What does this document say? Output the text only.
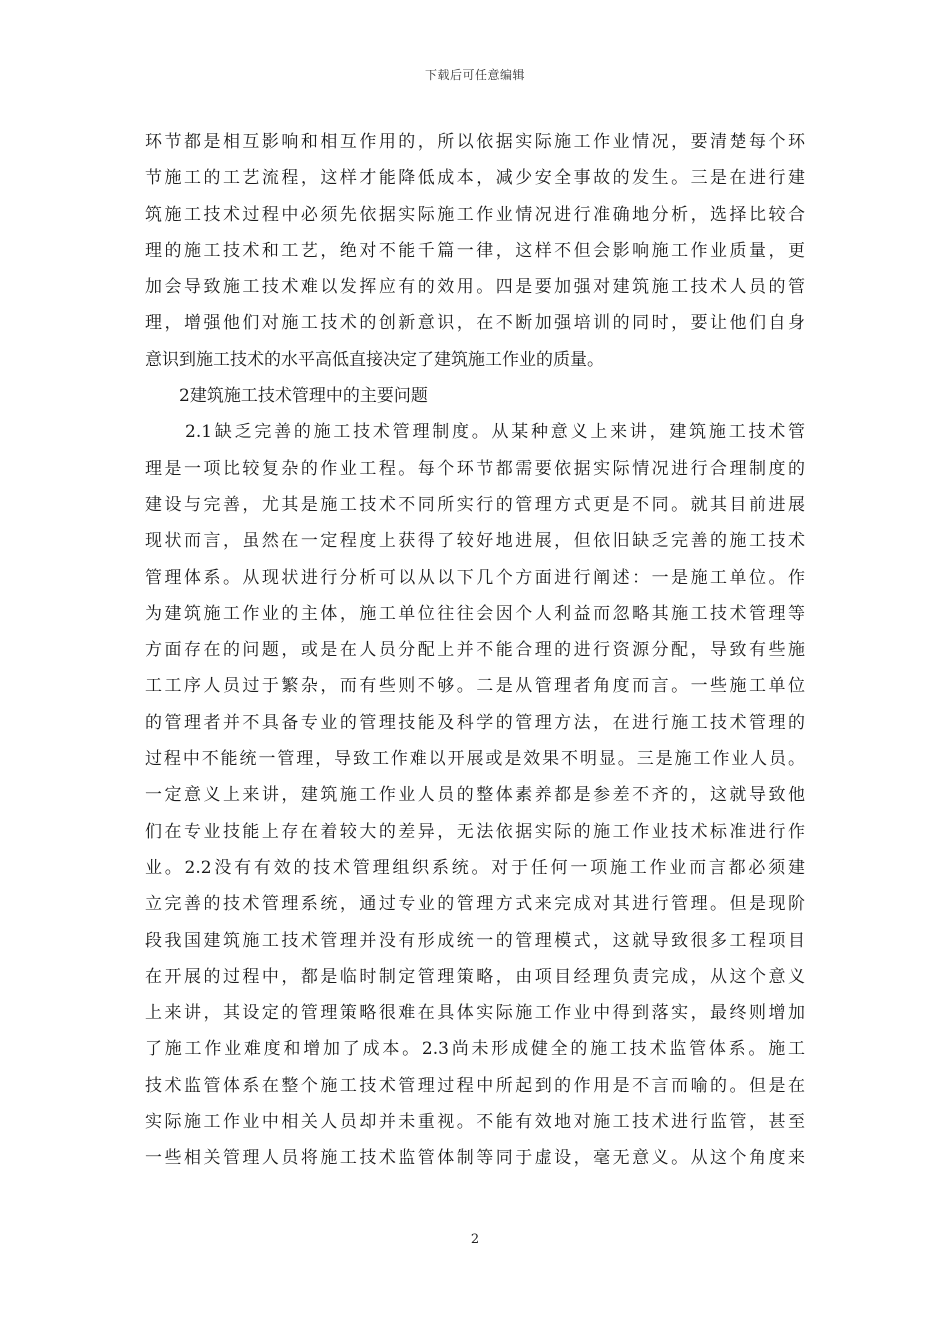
下载后可任意编辑
环节都是相互影响和相互作用的，所以依据实际施工作业情况，要清楚每个环
节施工的工艺流程，这样才能降低成本，减少安全事故的发生。三是在进行建
筑施工技术过程中必须先依据实际施工作业情况进行准确地分析，选择比较合
理的施工技术和工艺，绝对不能千篇一律，这样不但会影响施工作业质量，更
加会导致施工技术难以发挥应有的效用。四是要加强对建筑施工技术人员的管
理，增强他们对施工技术的创新意识，在不断加强培训的同时，要让他们自身
意识到施工技术的水平高低直接决定了建筑施工作业的质量。
2建筑施工技术管理中的主要问题
2.1缺乏完善的施工技术管理制度。从某种意义上来讲，建筑施工技术管
理是一项比较复杂的作业工程。每个环节都需要依据实际情况进行合理制度的
建设与完善，尤其是施工技术不同所实行的管理方式更是不同。就其目前进展
现状而言，虽然在一定程度上获得了较好地进展，但依旧缺乏完善的施工技术
管理体系。从现状进行分析可以从以下几个方面进行阐述：一是施工单位。作
为建筑施工作业的主体，施工单位往往会因个人利益而忽略其施工技术管理等
方面存在的问题，或是在人员分配上并不能合理的进行资源分配，导致有些施
工工序人员过于繁杂，而有些则不够。二是从管理者角度而言。一些施工单位
的管理者并不具备专业的管理技能及科学的管理方法，在进行施工技术管理的
过程中不能统一管理，导致工作难以开展或是效果不明显。三是施工作业人员。
一定意义上来讲，建筑施工作业人员的整体素养都是参差不齐的，这就导致他
们在专业技能上存在着较大的差异，无法依据实际的施工作业技术标准进行作
业。2.2没有有效的技术管理组织系统。对于任何一项施工作业而言都必须建
立完善的技术管理系统，通过专业的管理方式来完成对其进行管理。但是现阶
段我国建筑施工技术管理并没有形成统一的管理模式，这就导致很多工程项目
在开展的过程中，都是临时制定管理策略，由项目经理负责完成，从这个意义
上来讲，其设定的管理策略很难在具体实际施工作业中得到落实，最终则增加
了施工作业难度和增加了成本。2.3尚未形成健全的施工技术监管体系。施工
技术监管体系在整个施工技术管理过程中所起到的作用是不言而喻的。但是在
实际施工作业中相关人员却并未重视。不能有效地对施工技术进行监管，甚至
一些相关管理人员将施工技术监管体制等同于虚设，毫无意义。从这个角度来
2
